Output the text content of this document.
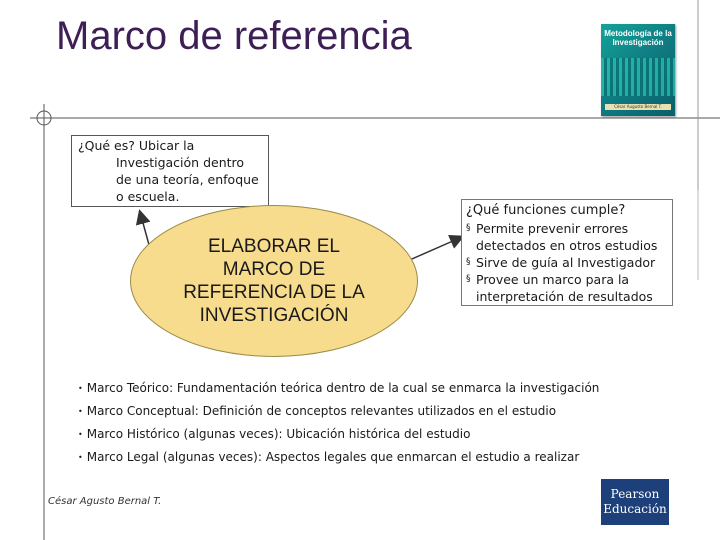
Marco de referencia	Metodología de la Investigación
César Augusto Bernal T.

¿Qué es? Ubicar la
Investigación dentro de una teoría, enfoque o escuela.

ELABORAR EL MARCO DE REFERENCIA DE LA INVESTIGACIÓN
¿Qué funciones cumple?
§ Permite prevenir errores detectados en otros estudios
§ Sirve de guía al Investigador
§ Provee un marco para la interpretación de resultados
• Marco Teórico: Fundamentación teórica dentro de la cual se enmarca la investigación
• Marco Conceptual: Definición de conceptos relevantes utilizados en el estudio
• Marco Histórico (algunas veces): Ubicación histórica del estudio
• Marco Legal (algunas veces): Aspectos legales que enmarcan el estudio a realizar
César Agusto Bernal T.
Pearson
Educación
